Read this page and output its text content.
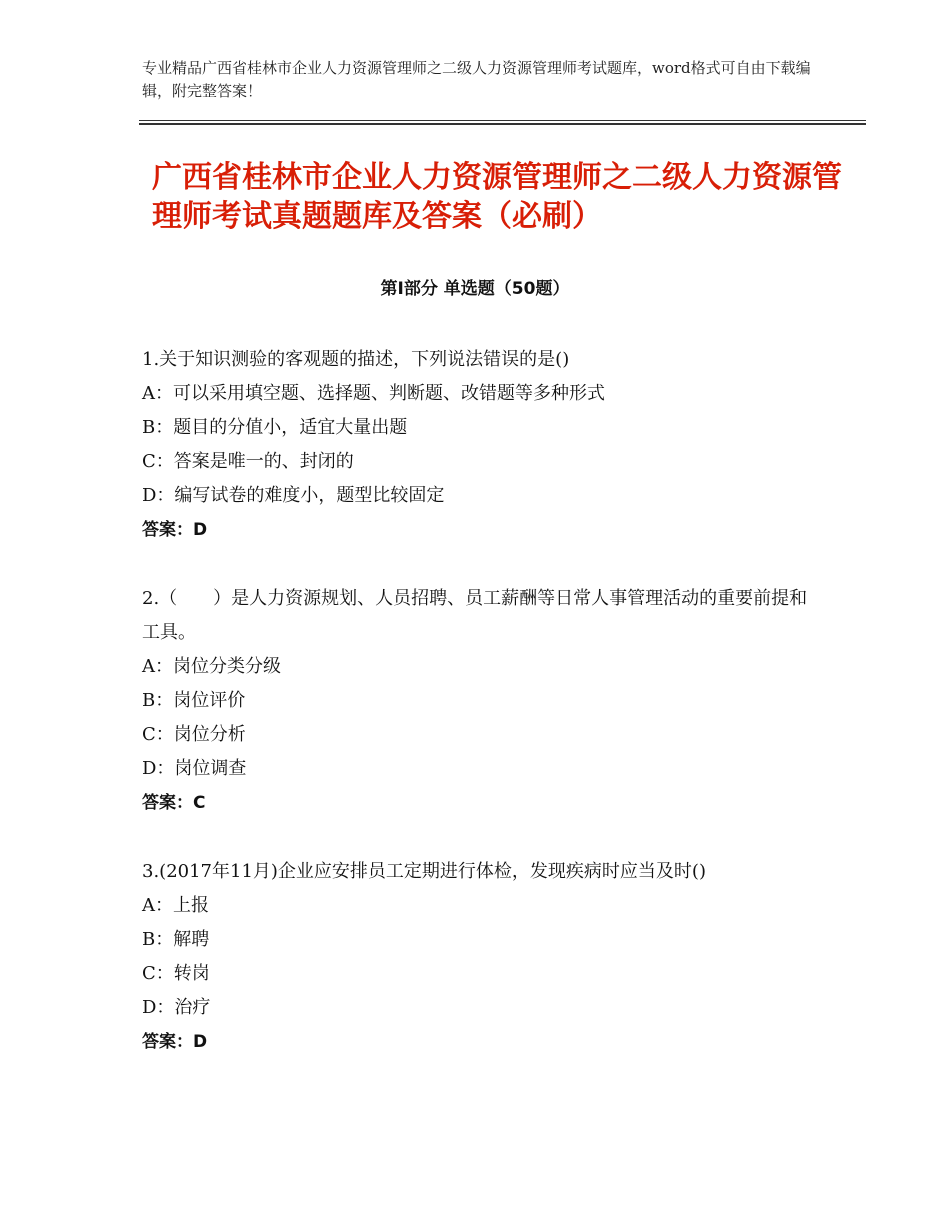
专业精品广西省桂林市企业人力资源管理师之二级人力资源管理师考试题库，word格式可自由下载编辑，附完整答案！
广西省桂林市企业人力资源管理师之二级人力资源管理师考试真题题库及答案（必刷）
第Ⅰ部分 单选题（50题）

1.关于知识测验的客观题的描述，下列说法错误的是()

A：可以采用填空题、选择题、判断题、改错题等多种形式

B：题目的分值小，适宜大量出题

C：答案是唯一的、封闭的

D：编写试卷的难度小，题型比较固定

答案：D

2.（　　）是人力资源规划、人员招聘、员工薪酬等日常人事管理活动的重要前提和工具。

A：岗位分类分级

B：岗位评价

C：岗位分析

D：岗位调查

答案：C

3.(2017年11月)企业应安排员工定期进行体检，发现疾病时应当及时()

A：上报

B：解聘

C：转岗

D：治疗

答案：D
